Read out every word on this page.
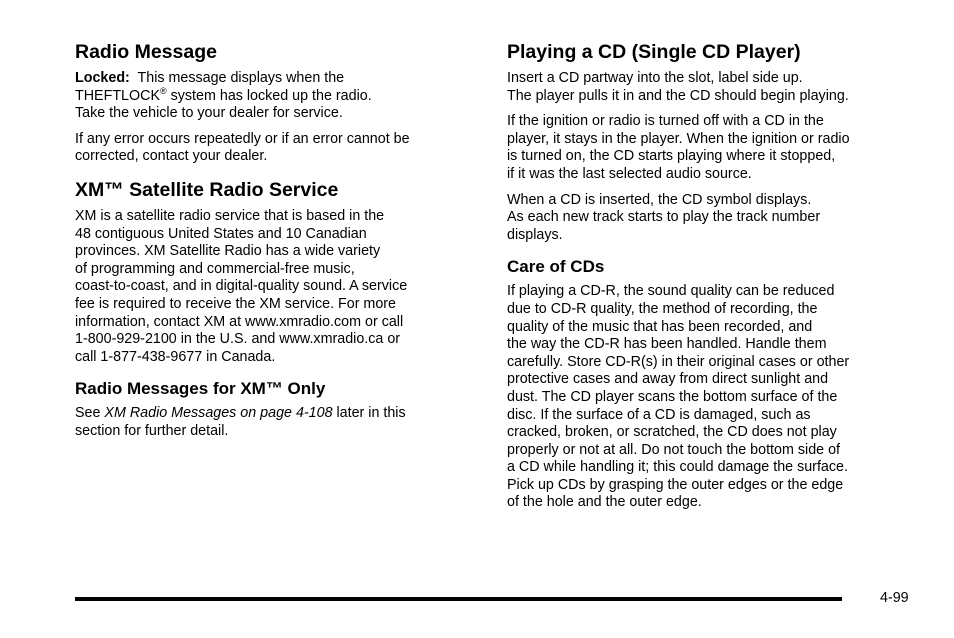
Radio Message

Locked: This message displays when the
THEFTLOCK® system has locked up the radio.
Take the vehicle to your dealer for service.

If any error occurs repeatedly or if an error cannot be
corrected, contact your dealer.

XM™ Satellite Radio Service

XM is a satellite radio service that is based in the
48 contiguous United States and 10 Canadian
provinces. XM Satellite Radio has a wide variety
of programming and commercial-free music,
coast-to-coast, and in digital-quality sound. A service
fee is required to receive the XM service. For more
information, contact XM at www.xmradio.com or call
1-800-929-2100 in the U.S. and www.xmradio.ca or
call 1-877-438-9677 in Canada.

Radio Messages for XM™ Only

See XM Radio Messages on page 4-108 later in this
section for further detail.

Playing a CD (Single CD Player)

Insert a CD partway into the slot, label side up.
The player pulls it in and the CD should begin playing.

If the ignition or radio is turned off with a CD in the
player, it stays in the player. When the ignition or radio
is turned on, the CD starts playing where it stopped,
if it was the last selected audio source.

When a CD is inserted, the CD symbol displays.
As each new track starts to play the track number
displays.

Care of CDs

If playing a CD-R, the sound quality can be reduced
due to CD-R quality, the method of recording, the
quality of the music that has been recorded, and
the way the CD-R has been handled. Handle them
carefully. Store CD-R(s) in their original cases or other
protective cases and away from direct sunlight and
dust. The CD player scans the bottom surface of the
disc. If the surface of a CD is damaged, such as
cracked, broken, or scratched, the CD does not play
properly or not at all. Do not touch the bottom side of
a CD while handling it; this could damage the surface.
Pick up CDs by grasping the outer edges or the edge
of the hole and the outer edge.

4-99
